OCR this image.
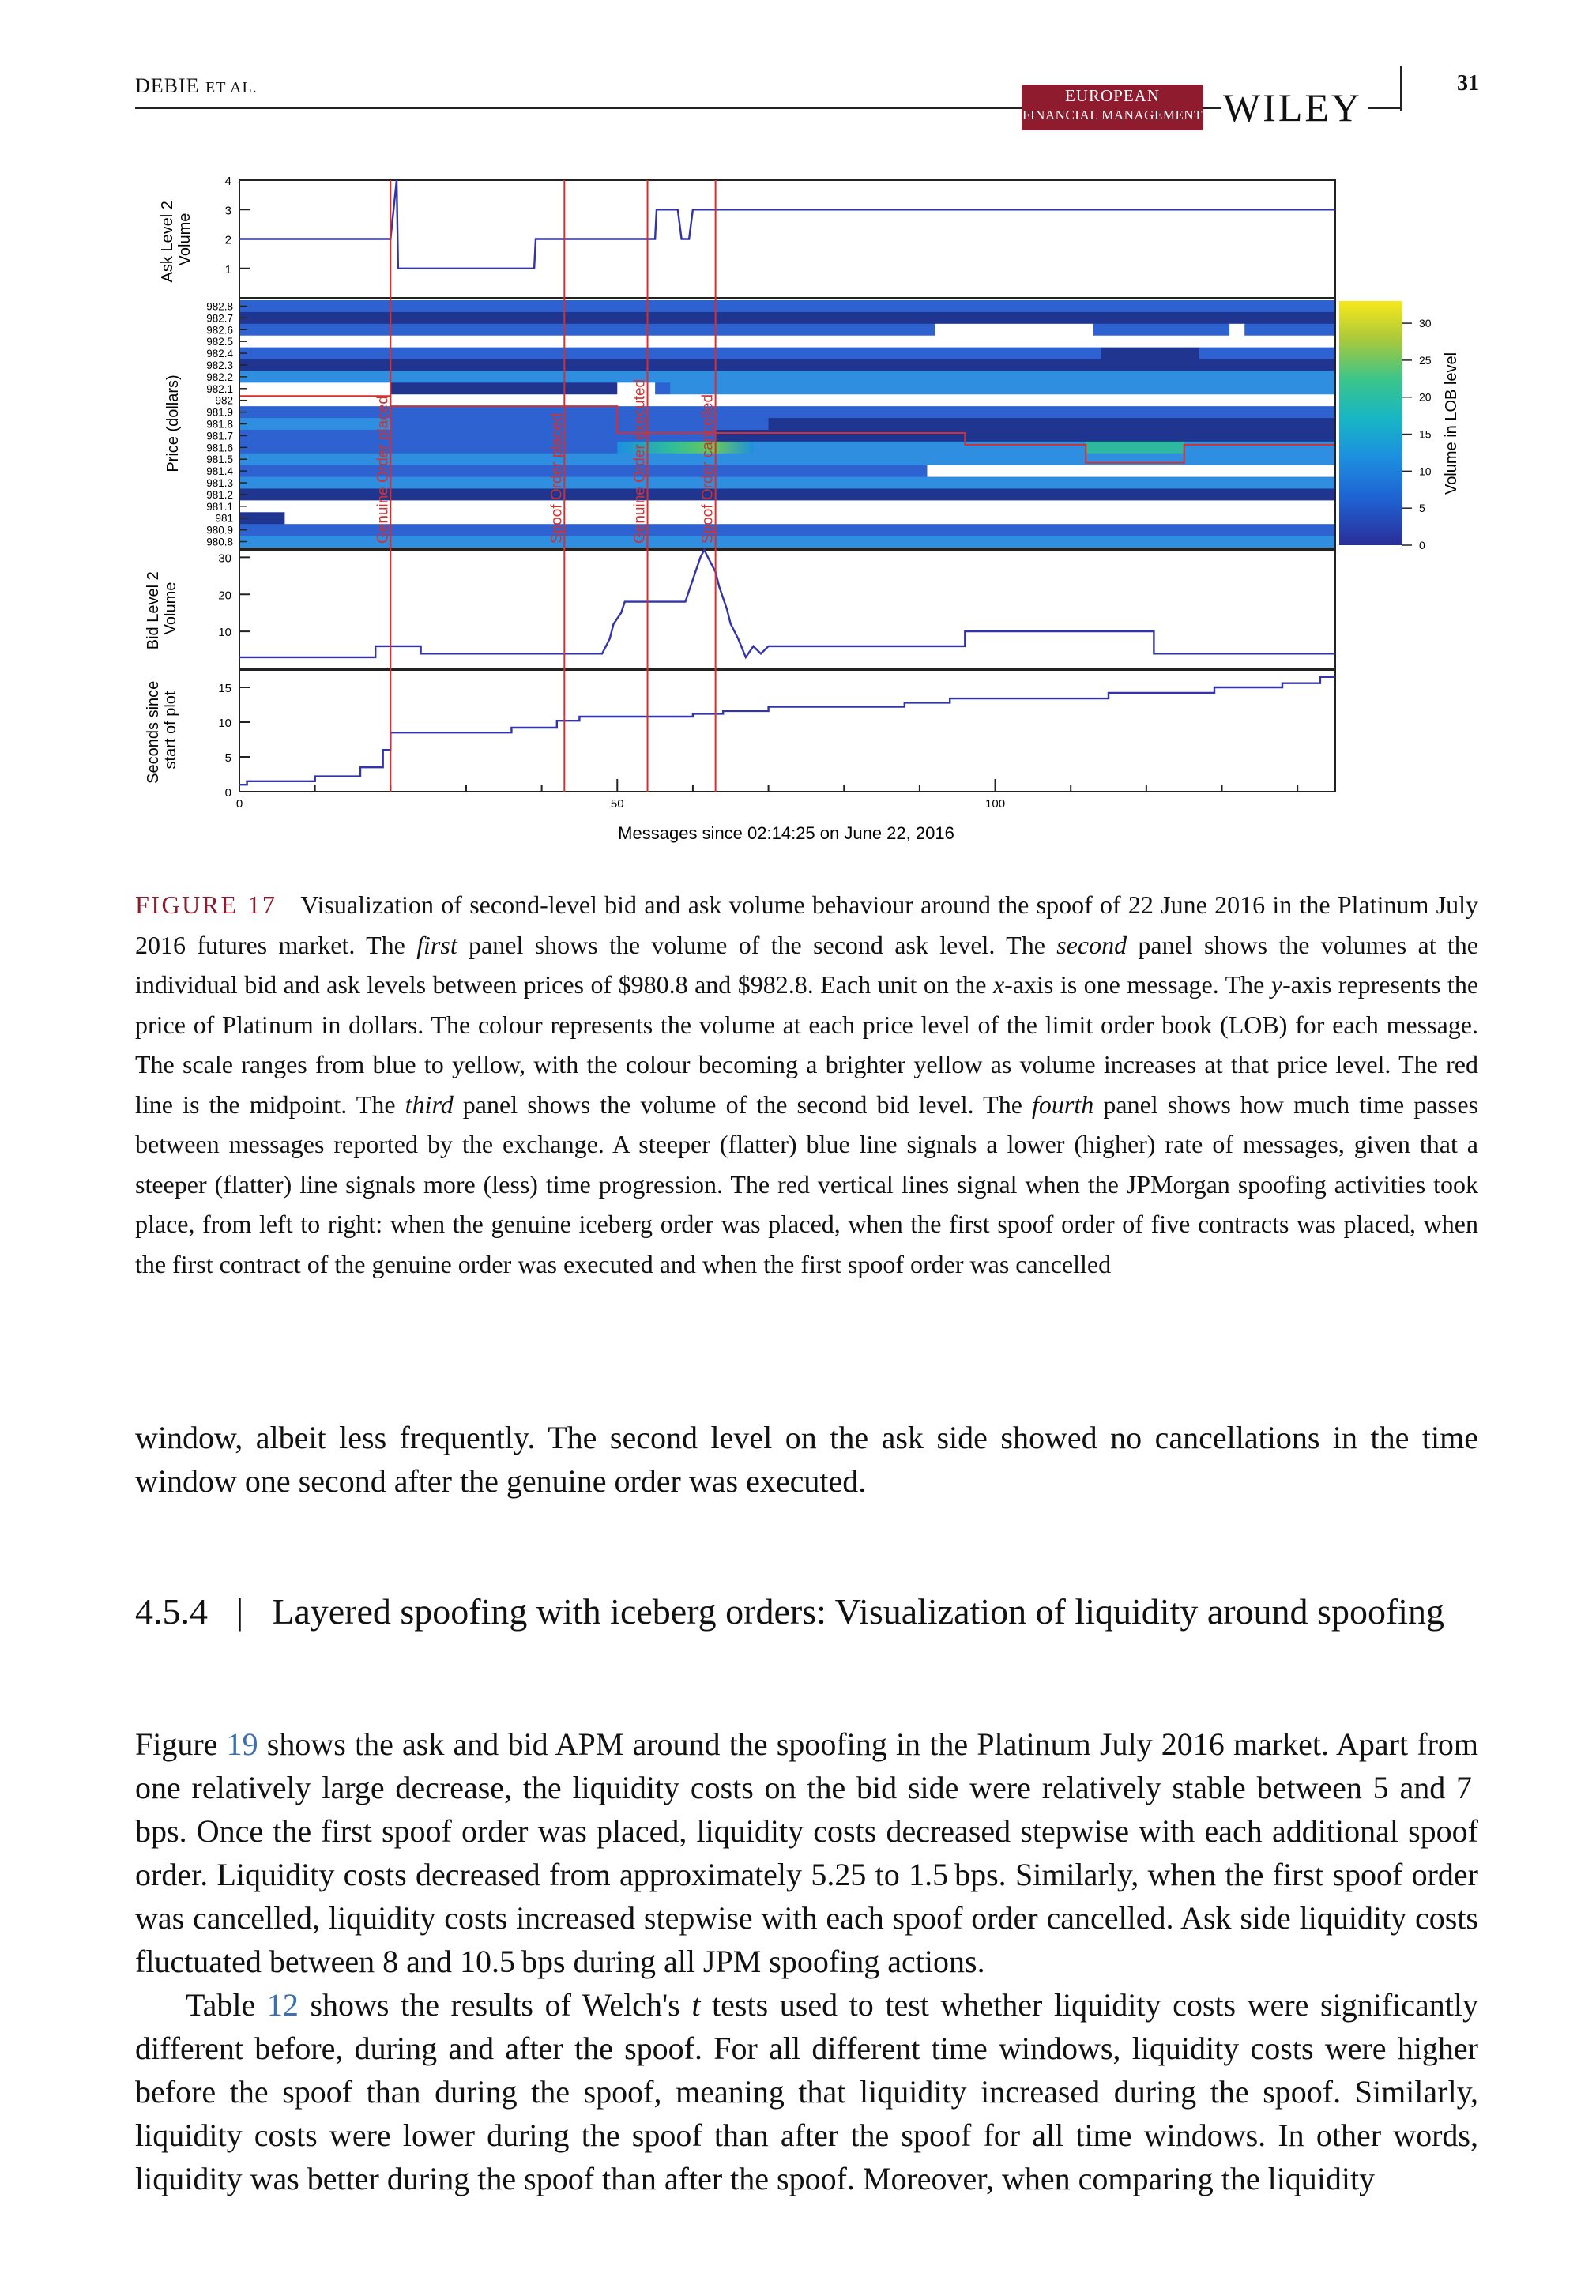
DEBIE ET AL.	EUROPEAN
FINANCIAL MANAGEMENT WILEY
31
Ask Level 2 Volume
Price (dollars)
Bid Level 2 Volume
Seconds since start of plot
Messages since 02:14:25 on June 22, 2016
0
5
10
15
20
25
30
Volume in LOB level
1
2
3
4
982.8
982.7
982.6
982.5
982.4
982.3
982.2
982.1
982
981.9
981.8
981.7
981.6
981.5
981.4
981.3
981.2
981.1
981
980.9
980.8
10
20
30
0
5
10
15
0	50	100
Genuine Order placed	Spoof Order placed	Genuine Order executed	Spoof Order cancelled
FIGURE 17 Visualization of second-level bid and ask volume behaviour around the spoof of 22 June 2016 in the Platinum July 2016 futures market. The first panel shows the volume of the second ask level. The second panel shows the volumes at the individual bid and ask levels between prices of $980.8 and $982.8. Each unit on the x-axis is one message. The y-axis represents the price of Platinum in dollars. The colour represents the volume at each price level of the limit order book (LOB) for each message. The scale ranges from blue to yellow, with the colour becoming a brighter yellow as volume increases at that price level. The red line is the midpoint. The third panel shows the volume of the second bid level. The fourth panel shows how much time passes between messages reported by the exchange. A steeper (flatter) blue line signals a lower (higher) rate of messages, given that a steeper (flatter) line signals more (less) time progression. The red vertical lines signal when the JPMorgan spoofing activities took place, from left to right: when the genuine iceberg order was placed, when the first spoof order of five contracts was placed, when the first contract of the genuine order was executed and when the first spoof order was cancelled
window, albeit less frequently. The second level on the ask side showed no cancellations in the time window one second after the genuine order was executed.
4.5.4 | Layered spoofing with iceberg orders: Visualization of liquidity around spoofing
Figure 19 shows the ask and bid APM around the spoofing in the Platinum July 2016 market. Apart from one relatively large decrease, the liquidity costs on the bid side were relatively stable between 5 and 7 bps. Once the first spoof order was placed, liquidity costs decreased stepwise with each additional spoof order. Liquidity costs decreased from approximately 5.25 to 1.5 bps. Similarly, when the first spoof order was cancelled, liquidity costs increased stepwise with each spoof order cancelled. Ask side liquidity costs fluctuated between 8 and 10.5 bps during all JPM spoofing actions.
Table 12 shows the results of Welch's t tests used to test whether liquidity costs were significantly different before, during and after the spoof. For all different time windows, liquidity costs were higher before the spoof than during the spoof, meaning that liquidity increased during the spoof. Similarly, liquidity costs were lower during the spoof than after the spoof for all time windows. In other words, liquidity was better during the spoof than after the spoof. Moreover, when comparing the liquidity
